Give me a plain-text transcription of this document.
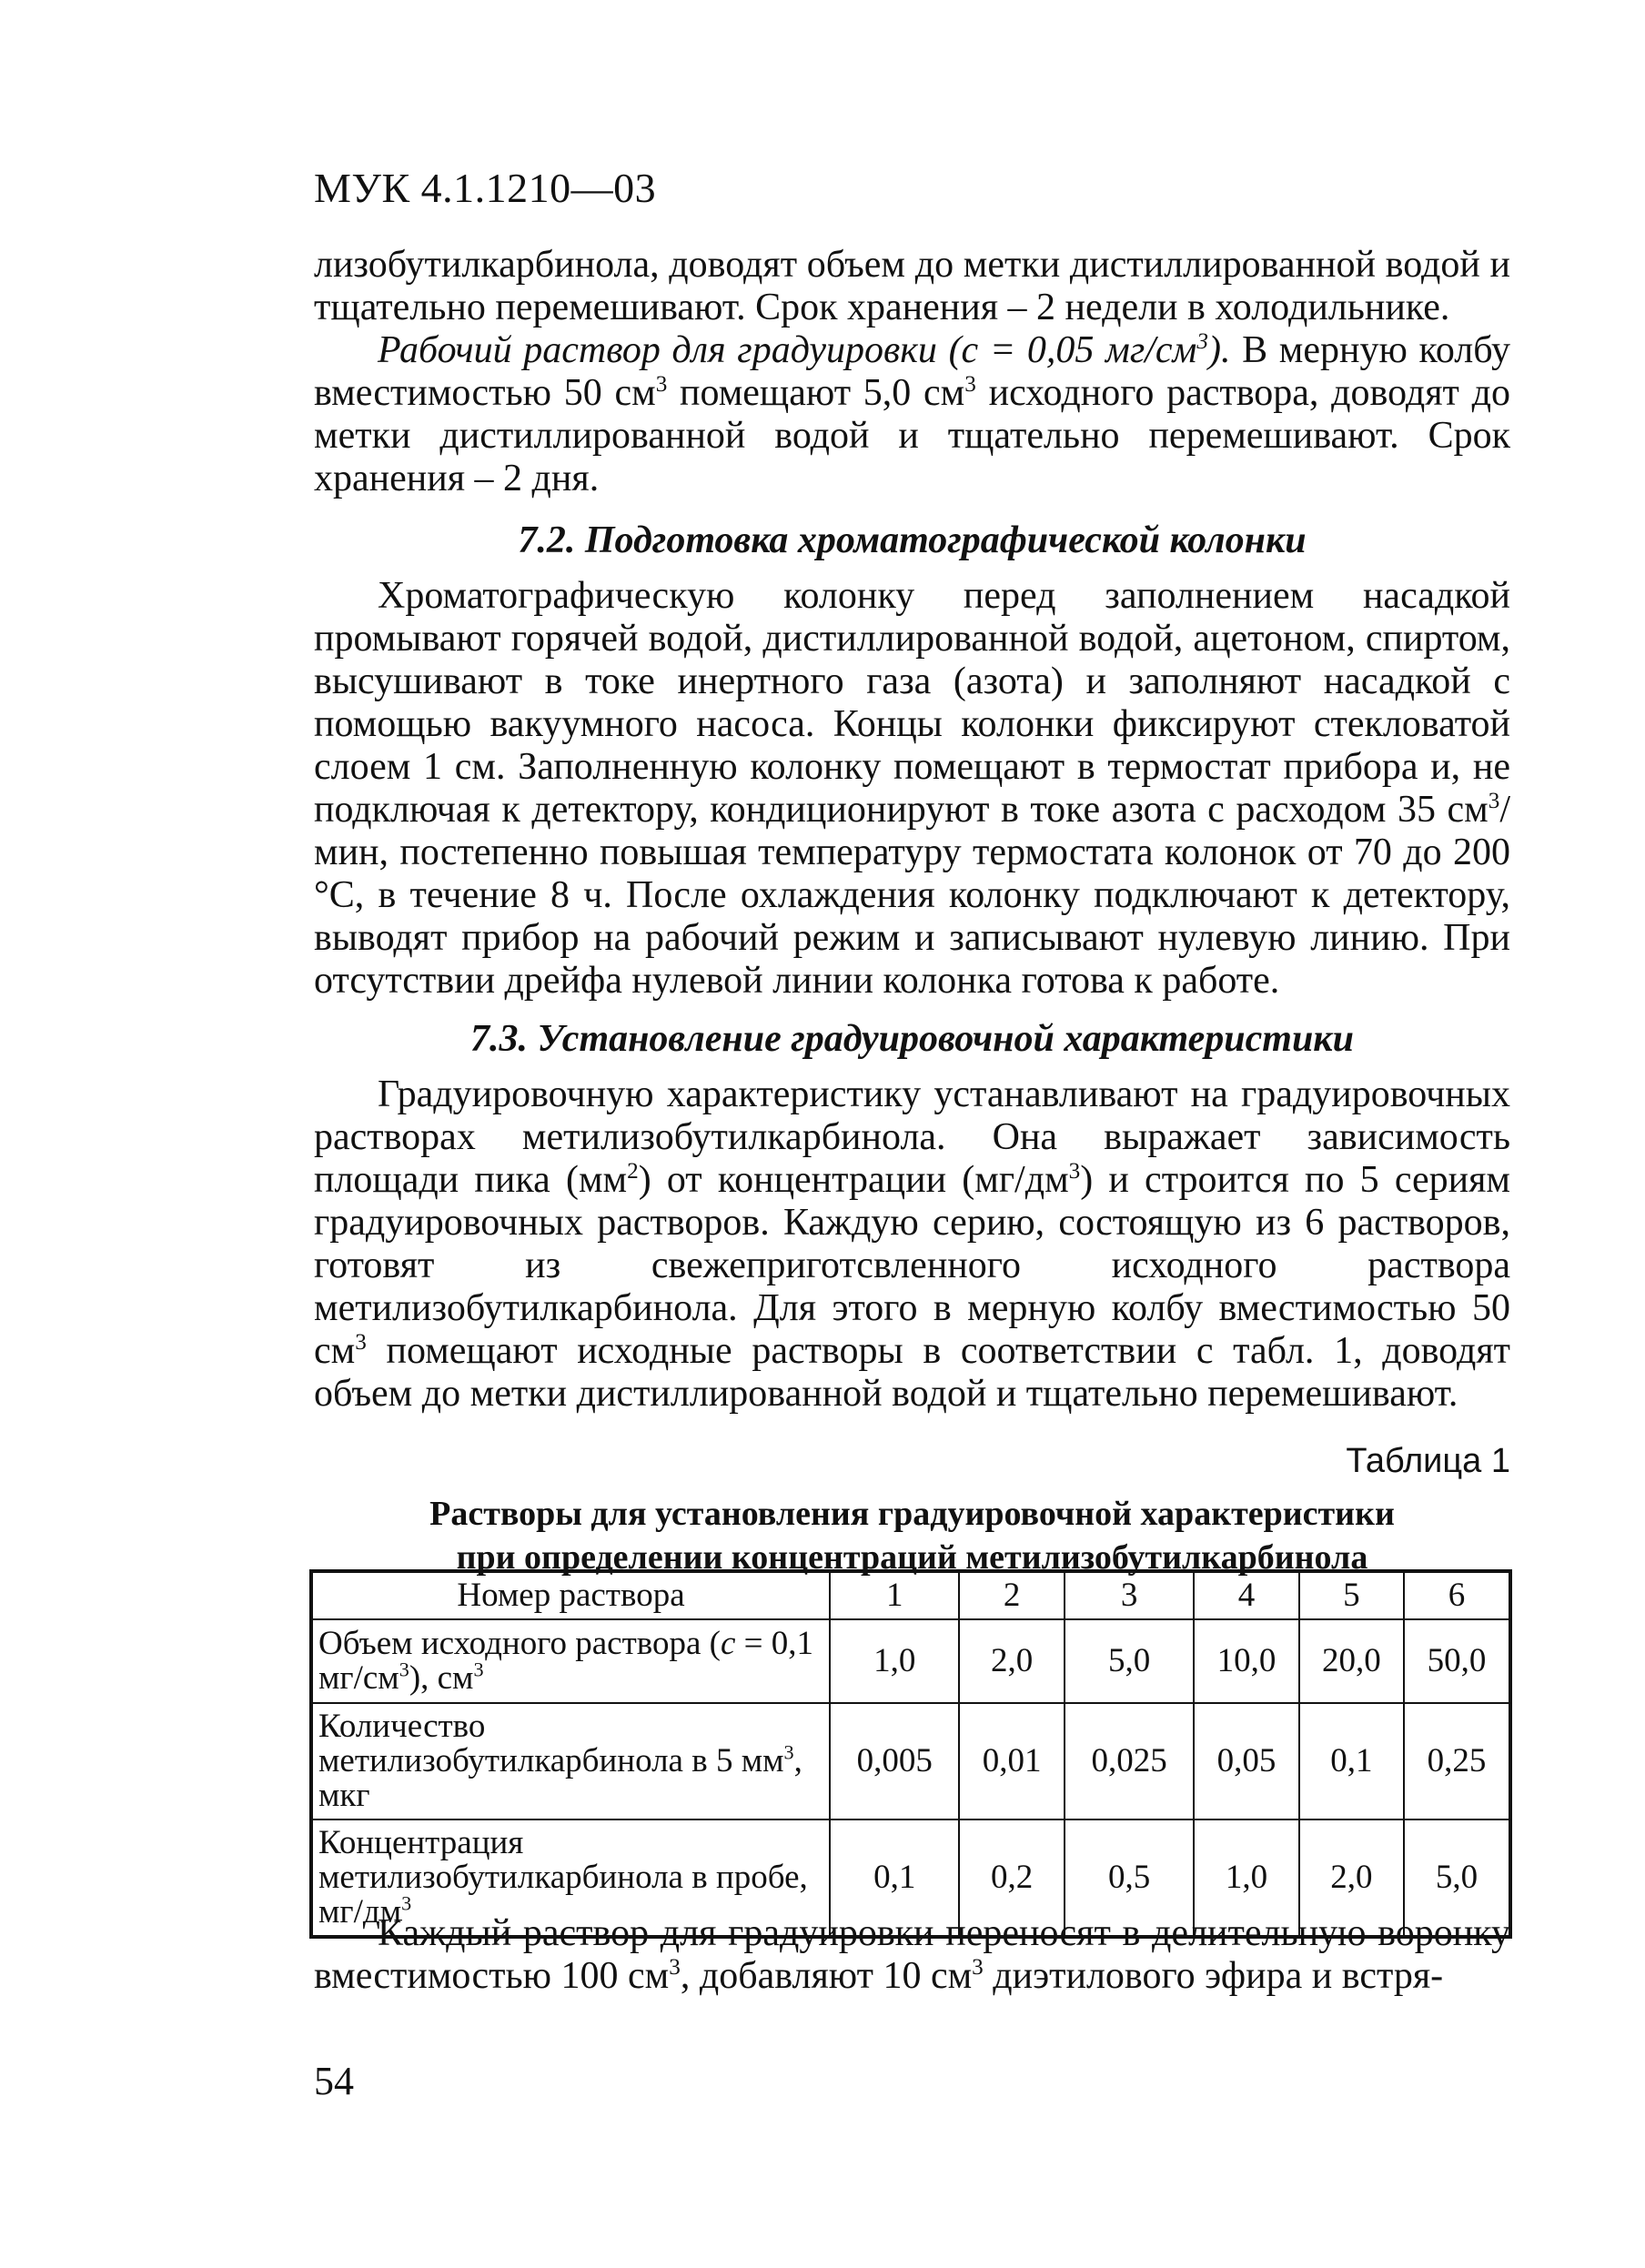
МУК 4.1.1210—03

лизобутилкарбинола, доводят объем до метки дистиллированной водой и тщательно перемешивают. Срок хранения – 2 недели в холодильнике.

Рабочий раствор для градуировки (с = 0,05 $мг/см^3$). В мерную колбу вместимостью 50 $см^3$ помещают 5,0 $см^3$ исходного раствора, доводят до метки дистиллированной водой и тщательно перемешивают. Срок хранения – 2 дня.

7.2. Подготовка хроматографической колонки

Хроматографическую колонку перед заполнением насадкой промывают горячей водой, дистиллированной водой, ацетоном, спиртом, высушивают в токе инертного газа (азота) и заполняют насадкой с помощью вакуумного насоса. Концы колонки фиксируют стекловатой слоем 1 см. Заполненную колонку помещают в термостат прибора и, не подключая к детектору, кондиционируют в токе азота с расходом 35 $см^3$/мин, постепенно повышая температуру термостата колонок от 70 до 200 °С, в течение 8 ч. После охлаждения колонку подключают к детектору, выводят прибор на рабочий режим и записывают нулевую линию. При отсутствии дрейфа нулевой линии колонка готова к работе.

7.3. Установление градуировочной характеристики

Градуировочную характеристику устанавливают на градуировочных растворах метилизобутилкарбинола. Она выражает зависимость площади пика $(мм^2)$ от концентрации $(мг/дм^3)$ и строится по 5 сериям градуировочных растворов. Каждую серию, состоящую из 6 растворов, готовят из свежеприготсвленного исходного раствора метилизобутилкарбинола. Для этого в мерную колбу вместимостью 50 $см^3$ помещают исходные растворы в соответствии с табл. 1, доводят объем до метки дистиллированной водой и тщательно перемешивают.

Таблица 1
Растворы для установления градуировочной характеристики
при определении концентраций метилизобутилкарбинола
Номер раствора	1	2	3	4	5	6
Объем исходного раствора (с = 0,1 $мг/см^3$), $см^3$	1,0	2,0	5,0	10,0	20,0	50,0
Количество метилизобутилкарбинола в 5 $мм^3$, мкг	0,005	0,01	0,025	0,05	0,1	0,25
Концентрация метилизобутилкарбинола в пробе, $мг/дм^3$	0,1	0,2	0,5	1,0	2,0	5,0

Каждый раствор для градуировки переносят в делительную воронку вместимостью 100 $см^3$, добавляют 10 $см^3$ диэтилового эфира и встря-

54
